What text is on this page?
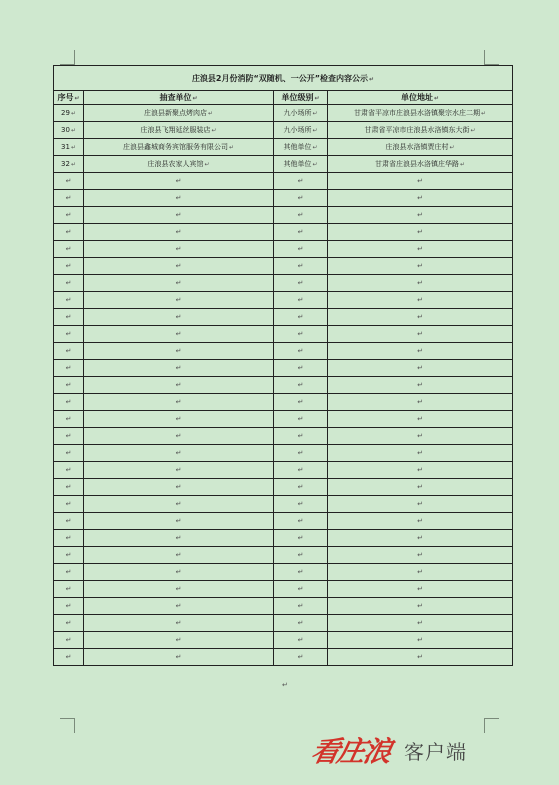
庄浪县2月份消防“双随机、一公开”检查内容公示↵			
序号↵	抽查单位↵	单位级别↵	单位地址↵
29↵	庄浪县新聚点烤肉店↵	九小场所↵	甘肃省平凉市庄浪县水洛镇聚宗水庄二期↵
30↵	庄浪县飞翔延丝服装店↵	九小场所↵	甘肃省平凉市庄浪县水洛镇东大街↵
31↵	庄浪县鑫城商务宾馆服务有限公司↵	其他单位↵	庄浪县水洛镇贾庄村↵
32↵	庄浪县农家人宾馆↵	其他单位↵	甘肃省庄浪县水洛镇庄华路↵
↵	↵	↵	↵
↵	↵	↵	↵
↵	↵	↵	↵
↵	↵	↵	↵
↵	↵	↵	↵
↵	↵	↵	↵
↵	↵	↵	↵
↵	↵	↵	↵
↵	↵	↵	↵
↵	↵	↵	↵
↵	↵	↵	↵
↵	↵	↵	↵
↵	↵	↵	↵
↵	↵	↵	↵
↵	↵	↵	↵
↵	↵	↵	↵
↵	↵	↵	↵
↵	↵	↵	↵
↵	↵	↵	↵
↵	↵	↵	↵
↵	↵	↵	↵
↵	↵	↵	↵
↵	↵	↵	↵
↵	↵	↵	↵
↵	↵	↵	↵
↵	↵	↵	↵
↵	↵	↵	↵
↵	↵	↵	↵
↵	↵	↵	↵
↵
看庄浪 客户端
